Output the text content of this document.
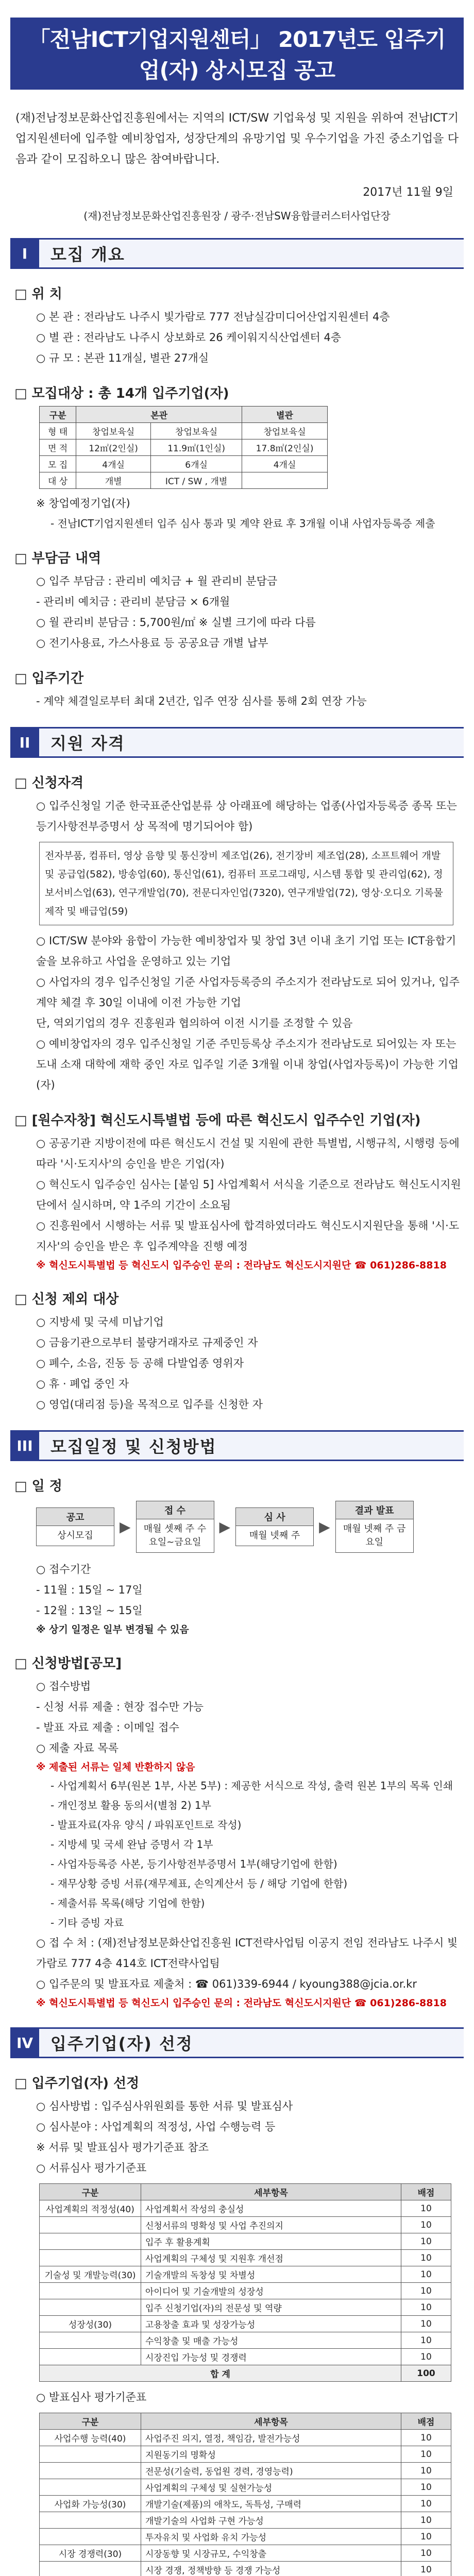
「전남ICT기업지원센터」 2017년도 입주기업(자) 상시모집 공고
(재)전남정보문화산업진흥원에서는 지역의 ICT/SW 기업육성 및 지원을 위하여 전남ICT기업지원센터에 입주할 예비창업자, 성장단계의 유망기업 및 우수기업을 가진 중소기업을 다음과 같이 모집하오니 많은 참여바랍니다.
2017년 11월 9일
(재)전남정보문화산업진흥원장 / 광주·전남SW융합클러스터사업단장
I	모집 개요
□ 위 치
○ 본 관 : 전라남도 나주시 빛가람로 777 전남실감미디어산업지원센터 4층
○ 별 관 : 전라남도 나주시 상보화로 26 케이워지식산업센터 4층
○ 규 모 : 본관 11개실, 별관 27개실
□ 모집대상 : 총 14개 입주기업(자)
구분	본관		별관
형 태	창업보육실	창업보육실	창업보육실
면 적	12㎡(2인실)	11.9㎡(1인실)	17.8㎡(2인실)
모 집	4개실	6개실	4개실
대 상	개별	ICT / SW , 개별	
※ 창업예정기업(자)
- 전남ICT기업지원센터 입주 심사 통과 및 계약 완료 후 3개월 이내 사업자등록증 제출
□ 부담금 내역
○ 입주 부담금 : 관리비 예치금 + 월 관리비 분담금
- 관리비 예치금 : 관리비 분담금 × 6개월
○ 월 관리비 분담금 : 5,700원/㎡ ※ 실별 크기에 따라 다름
○ 전기사용료, 가스사용료 등 공공요금 개별 납부
□ 입주기간
- 계약 체결일로부터 최대 2년간, 입주 연장 심사를 통해 2회 연장 가능
II	지원 자격
□ 신청자격
○ 입주신청일 기준 한국표준산업분류 상 아래표에 해당하는 업종(사업자등록증 종목 또는 등기사항전부증명서 상 목적에 명기되어야 함)
전자부품, 컴퓨터, 영상 음향 및 통신장비 제조업(26), 전기장비 제조업(28), 소프트웨어 개발 및 공급업(582), 방송업(60), 통신업(61), 컴퓨터 프로그래밍, 시스템 통합 및 관리업(62), 정보서비스업(63), 연구개발업(70), 전문디자인업(7320), 연구개발업(72), 영상·오디오 기록물 제작 및 배급업(59)
○ ICT/SW 분야와 융합이 가능한 예비창업자 및 창업 3년 이내 초기 기업 또는 ICT융합기술을 보유하고 사업을 운영하고 있는 기업
○ 사업자의 경우 입주신청일 기준 사업자등록증의 주소지가 전라남도로 되어 있거나, 입주계약 체결 후 30일 이내에 이전 가능한 기업
단, 역외기업의 경우 진흥원과 협의하여 이전 시기를 조정할 수 있음
○ 예비창업자의 경우 입주신청일 기준 주민등록상 주소지가 전라남도로 되어있는 자 또는 도내 소재 대학에 재학 중인 자로 입주일 기준 3개월 이내 창업(사업자등록)이 가능한 기업(자)
□ [원수자창] 혁신도시특별법 등에 따른 혁신도시 입주수인 기업(자)
○ 공공기관 지방이전에 따른 혁신도시 건설 및 지원에 관한 특별법, 시행규칙, 시행령 등에 따라 '시·도지사'의 승인을 받은 기업(자)
○ 혁신도시 입주승인 심사는 [붙임 5] 사업계획서 서식을 기준으로 전라남도 혁신도시지원단에서 실시하며, 약 1주의 기간이 소요됨
○ 진흥원에서 시행하는 서류 및 발표심사에 합격하였더라도 혁신도시지원단을 통해 '시·도지사'의 승인을 받은 후 입주계약을 진행 예정
※ 혁신도시특별법 등 혁신도시 입주승인 문의 : 전라남도 혁신도시지원단 ☎ 061)286-8818
□ 신청 제외 대상
○ 지방세 및 국세 미납기업
○ 금융기관으로부터 불량거래자로 규제중인 자
○ 폐수, 소음, 진동 등 공해 다발업종 영위자
○ 휴 · 폐업 중인 자
○ 영업(대리점 등)을 목적으로 입주를 신청한 자
III	모집일정 및 신청방법
□ 일 정
공고
상시모집
▶
접 수
매월 셋째 주 수요일~금요일
▶
심 사
매월 넷째 주
▶
결과 발표
매월 넷째 주 금요일
○ 접수기간
- 11월 : 15일 ~ 17일
- 12월 : 13일 ~ 15일
※ 상기 일정은 일부 변경될 수 있음
□ 신청방법[공모]
○ 접수방법
- 신청 서류 제출 : 현장 접수만 가능
- 발표 자료 제출 : 이메일 접수
○ 제출 자료 목록
※ 제출된 서류는 일체 반환하지 않음
- 사업계획서 6부(원본 1부, 사본 5부) : 제공한 서식으로 작성, 출력 원본 1부의 목록 인쇄
- 개인정보 활용 동의서(별첨 2) 1부
- 발표자료(자유 양식 / 파워포인트로 작성)
- 지방세 및 국세 완납 증명서 각 1부
- 사업자등록증 사본, 등기사항전부증명서 1부(해당기업에 한함)
- 재무상황 증빙 서류(재무제표, 손익계산서 등 / 해당 기업에 한함)
- 제출서류 목록(해당 기업에 한함)
- 기타 증빙 자료
○ 접 수 처 : (재)전남정보문화산업진흥원 ICT전략사업팀 이공지 전임 전라남도 나주시 빛가람로 777 4층 414호 ICT전략사업팀
○ 입주문의 및 발표자료 제출처 : ☎ 061)339-6944 / kyoung388@jcia.or.kr
※ 혁신도시특별법 등 혁신도시 입주승인 문의 : 전라남도 혁신도시지원단 ☎ 061)286-8818
IV	입주기업(자) 선정
□ 입주기업(자) 선정
○ 심사방법 : 입주심사위원회를 통한 서류 및 발표심사
○ 심사분야 : 사업계획의 적정성, 사업 수행능력 등
※ 서류 및 발표심사 평가기준표 참조
○ 서류심사 평가기준표
구분	세부항목	배점
사업계획의 적정성(40)	사업계획서 작성의 충실성	10
	신청서류의 명확성 및 사업 추진의지	10
	입주 후 활용계획	10
	사업계획의 구체성 및 지원후 개선점	10
기술성 및 개발능력(30)	기술개발의 독창성 및 차별성	10
	아이디어 및 기술개발의 성장성	10
	입주 신청기업(자)의 전문성 및 역량	10
성장성(30)	고용창출 효과 및 성장가능성	10
	수익창출 및 매출 가능성	10
	시장진입 가능성 및 경쟁력	10
합 계		100
○ 발표심사 평가기준표
구분	세부항목	배점
사업수행 능력(40)	사업주진 의지, 열정, 책임감, 발전가능성	10
	지원동기의 명확성	10
	전문성(기술력, 동업원 경력, 경영능력)	10
	사업계획의 구체성 및 실현가능성	10
사업화 가능성(30)	개발기술(제품)의 애착도, 독특성, 구매력	10
	개발기술의 사업화 구현 가능성	10
	투자유치 및 사업화 유치 가능성	10
시장 경쟁력(30)	시장동향 및 시장규모, 수익창출	10
	시장 경쟁, 정책방향 등 경쟁 가능성	10
